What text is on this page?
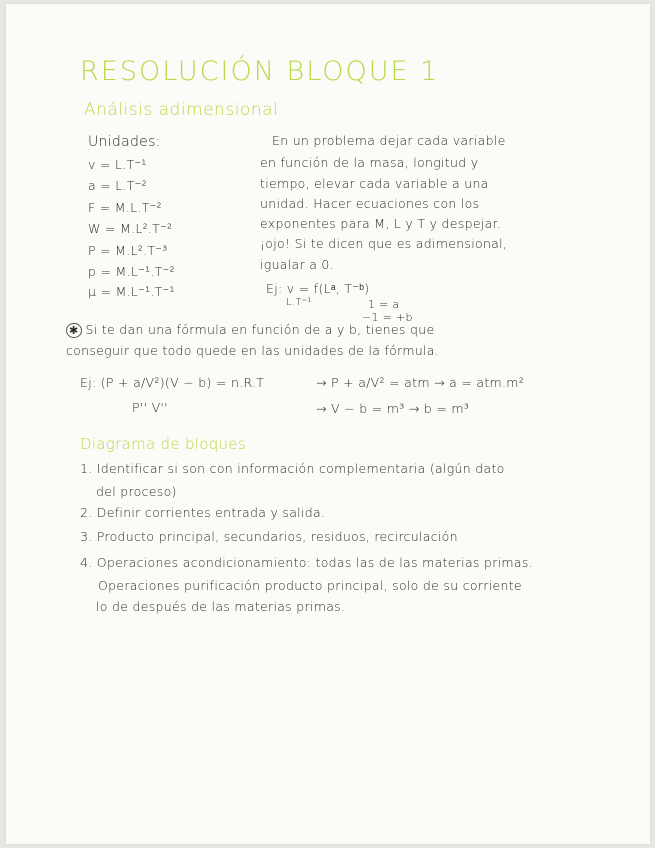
RESOLUCIÓN BLOQUE 1
Análisis adimensional
Unidades:
v = L.T⁻¹
a = L.T⁻²
F = M.L.T⁻²
W = M.L².T⁻²
P = M.L².T⁻³
p = M.L⁻¹.T⁻²
μ = M.L⁻¹.T⁻¹
En un problema dejar cada variable
en función de la masa, longitud y
tiempo, elevar cada variable a una
unidad. Hacer ecuaciones con los
exponentes para M, L y T y despejar.
¡ojo! Si te dicen que es adimensional,
igualar a 0.
Ej: v = f(Lᵃ, T⁻ᵇ)
L.T⁻¹	1 = a
−1 = +b
✱ Si te dan una fórmula en función de a y b, tienes que
conseguir que todo quede en las unidades de la fórmula.
Ej: (P + a/V²)(V − b) = n.R.T
P'' V''
→ P + a/V² = atm → a = atm.m²
→ V − b = m³ → b = m³
Diagrama de bloques
1. Identificar si son con información complementaria (algún dato
del proceso)
2. Definir corrientes entrada y salida.
3. Producto principal, secundarios, residuos, recirculación
4. Operaciones acondicionamiento: todas las de las materias primas.
Operaciones purificación producto principal, solo de su corriente
lo de después de las materias primas.
